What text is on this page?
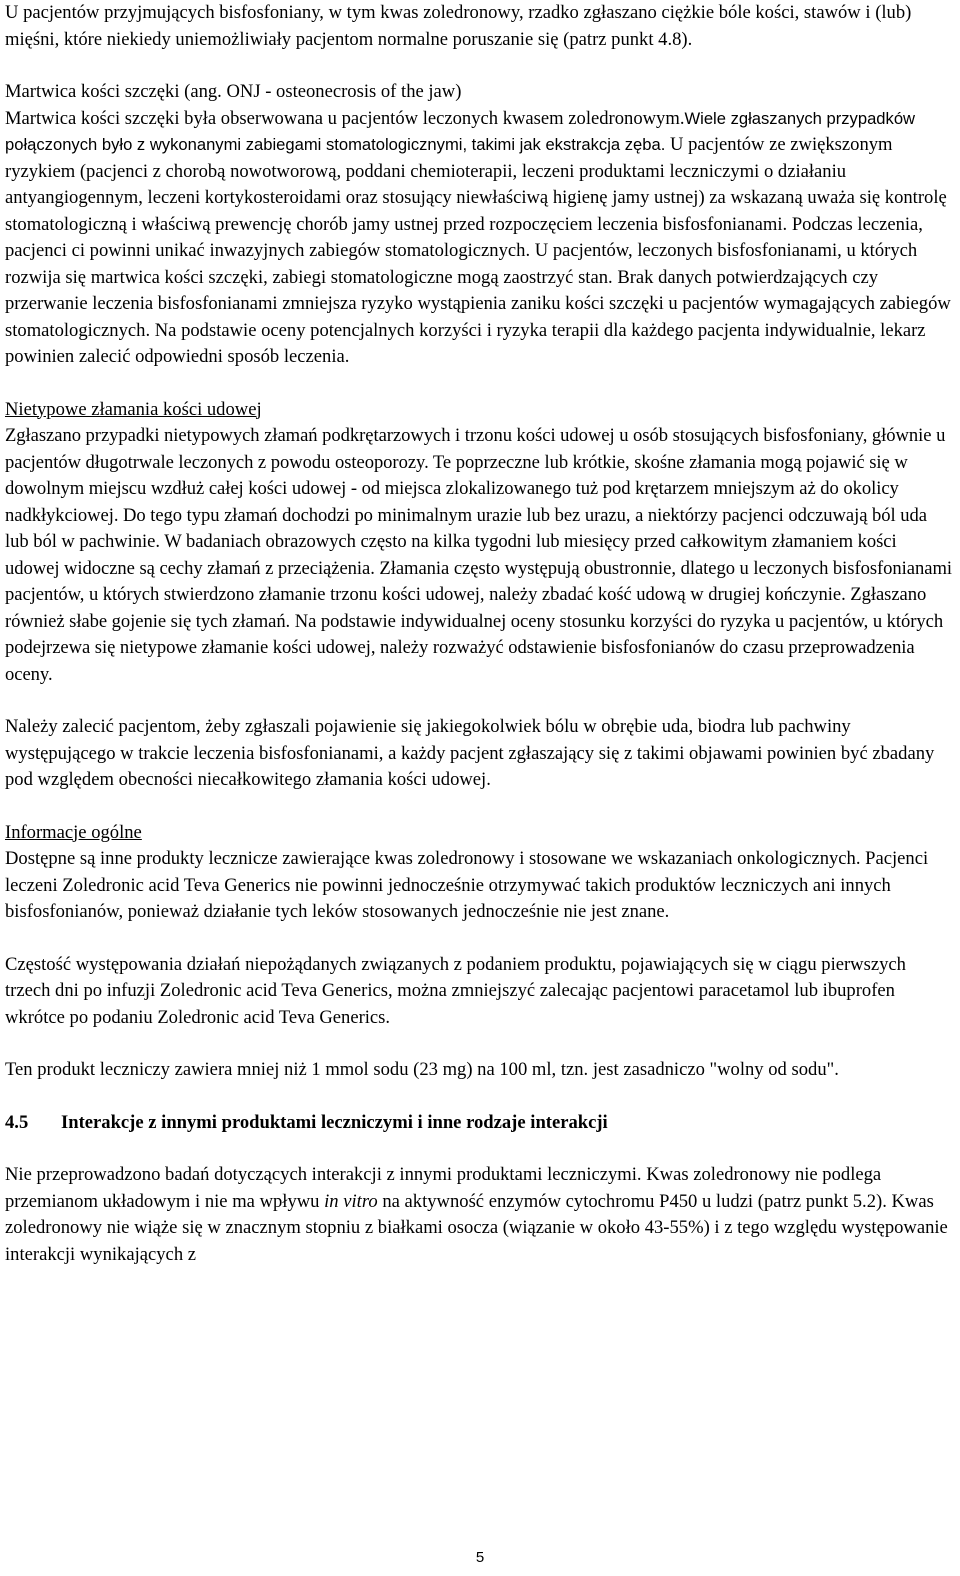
U pacjentów przyjmujących bisfosfoniany, w tym kwas zoledronowy, rzadko zgłaszano ciężkie bóle kości, stawów i (lub) mięśni, które niekiedy uniemożliwiały pacjentom normalne poruszanie się (patrz punkt 4.8).

Martwica kości szczęki (ang. ONJ - osteonecrosis of the jaw)

Martwica kości szczęki była obserwowana u pacjentów leczonych kwasem zoledronowym.Wiele zgłaszanych przypadków połączonych było z wykonanymi zabiegami stomatologicznymi, takimi jak ekstrakcja zęba. U pacjentów ze zwiększonym ryzykiem (pacjenci z chorobą nowotworową, poddani chemioterapii, leczeni produktami leczniczymi o działaniu antyangiogennym, leczeni kortykosteroidami oraz stosujący niewłaściwą higienę jamy ustnej) za wskazaną uważa się kontrolę stomatologiczną i właściwą prewencję chorób jamy ustnej przed rozpoczęciem leczenia bisfosfonianami. Podczas leczenia, pacjenci ci powinni unikać inwazyjnych zabiegów stomatologicznych. U pacjentów, leczonych bisfosfonianami, u których rozwija się martwica kości szczęki, zabiegi stomatologiczne mogą zaostrzyć stan. Brak danych potwierdzających czy przerwanie leczenia bisfosfonianami zmniejsza ryzyko wystąpienia zaniku kości szczęki u pacjentów wymagających zabiegów stomatologicznych. Na podstawie oceny potencjalnych korzyści i ryzyka terapii dla każdego pacjenta indywidualnie, lekarz powinien zalecić odpowiedni sposób leczenia.

Nietypowe złamania kości udowej

Zgłaszano przypadki nietypowych złamań podkrętarzowych i trzonu kości udowej u osób stosujących bisfosfoniany, głównie u pacjentów długotrwale leczonych z powodu osteoporozy. Te poprzeczne lub krótkie, skośne złamania mogą pojawić się w dowolnym miejscu wzdłuż całej kości udowej - od miejsca zlokalizowanego tuż pod krętarzem mniejszym aż do okolicy nadkłykciowej. Do tego typu złamań dochodzi po minimalnym urazie lub bez urazu, a niektórzy pacjenci odczuwają ból uda lub ból w pachwinie. W badaniach obrazowych często na kilka tygodni lub miesięcy przed całkowitym złamaniem kości udowej widoczne są cechy złamań z przeciążenia. Złamania często występują obustronnie, dlatego u leczonych bisfosfonianami pacjentów, u których stwierdzono złamanie trzonu kości udowej, należy zbadać kość udową w drugiej kończynie. Zgłaszano również słabe gojenie się tych złamań. Na podstawie indywidualnej oceny stosunku korzyści do ryzyka u pacjentów, u których podejrzewa się nietypowe złamanie kości udowej, należy rozważyć odstawienie bisfosfonianów do czasu przeprowadzenia oceny.

Należy zalecić pacjentom, żeby zgłaszali pojawienie się jakiegokolwiek bólu w obrębie uda, biodra lub pachwiny występującego w trakcie leczenia bisfosfonianami, a każdy pacjent zgłaszający się z takimi objawami powinien być zbadany pod względem obecności niecałkowitego złamania kości udowej.

Informacje ogólne

Dostępne są inne produkty lecznicze zawierające kwas zoledronowy i stosowane we wskazaniach onkologicznych. Pacjenci leczeni Zoledronic acid Teva Generics nie powinni jednocześnie otrzymywać takich produktów leczniczych ani innych bisfosfonianów, ponieważ działanie tych leków stosowanych jednocześnie nie jest znane.

Częstość występowania działań niepożądanych związanych z podaniem produktu, pojawiających się w ciągu pierwszych trzech dni po infuzji Zoledronic acid Teva Generics, można zmniejszyć zalecając pacjentowi paracetamol lub ibuprofen wkrótce po podaniu Zoledronic acid Teva Generics.

Ten produkt leczniczy zawiera mniej niż 1 mmol sodu (23 mg) na 100 ml, tzn. jest zasadniczo "wolny od sodu".

4.5 Interakcje z innymi produktami leczniczymi i inne rodzaje interakcji

Nie przeprowadzono badań dotyczących interakcji z innymi produktami leczniczymi. Kwas zoledronowy nie podlega przemianom układowym i nie ma wpływu in vitro na aktywność enzymów cytochromu P450 u ludzi (patrz punkt 5.2). Kwas zoledronowy nie wiąże się w znacznym stopniu z białkami osocza (wiązanie w około 43-55%) i z tego względu występowanie interakcji wynikających z

5
